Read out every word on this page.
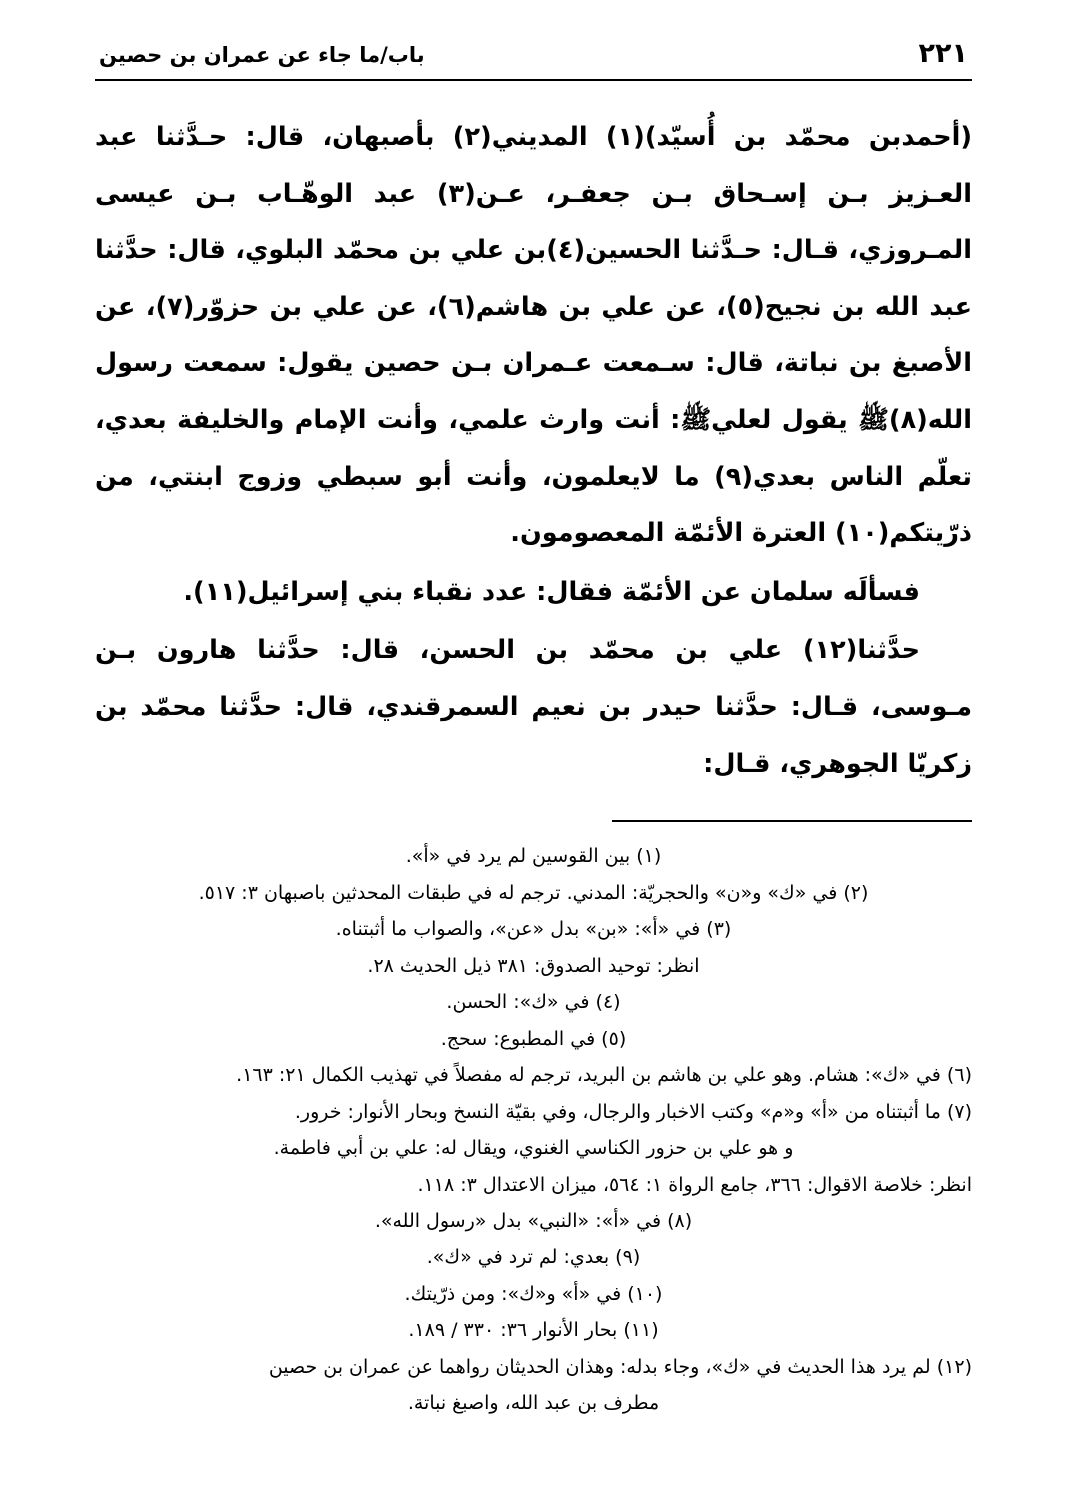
باب/ما جاء عن عمران بن حصين	٢٢١

(أحمدبن محمّد بن أُسيّد)(١) المديني(٢) بأصبهان، قال: حـدَّثنا عبد العـزيز بـن إسـحاق بـن جعفـر، عـن(٣) عبد الوهّـاب بـن عيسى المـروزي، قـال: حـدَّثنا الحسين(٤)بن علي بن محمّد البلوي، قال: حدَّثنا عبد الله بن نجيح(٥)، عن علي بن هاشم(٦)، عن علي بن حزوّر(٧)، عن الأصبغ بن نباتة، قال: سـمعت عـمران بـن حصين يقول: سمعت رسول الله(٨)ﷺ يقول لعليﷺ: أنت وارث علمي، وأنت الإمام والخليفة بعدي، تعلّم الناس بعدي(٩) ما لايعلمون، وأنت أبو سبطي وزوج ابنتي، من ذرّيتكم(١٠) العترة الأئمّة المعصومون.

فسألَه سلمان عن الأئمّة فقال: عدد نقباء بني إسرائيل(١١).

حدَّثنا(١٢) علي بن محمّد بن الحسن، قال: حدَّثنا هارون بـن مـوسى، قـال: حدَّثنا حيدر بن نعيم السمرقندي، قال: حدَّثنا محمّد بن زكريّا الجوهري، قـال:

(١) بين القوسين لم يرد في «أ».

(٢) في «ك» و«ن» والحجريّة: المدني. ترجم له في طبقات المحدثين باصبهان ٣: ٥١٧.

(٣) في «أ»: «بن» بدل «عن»، والصواب ما أثبتناه.

انظر: توحيد الصدوق: ٣٨١ ذيل الحديث ٢٨.

(٤) في «ك»: الحسن.

(٥) في المطبوع: سحج.

(٦) في «ك»: هشام. وهو علي بن هاشم بن البريد، ترجم له مفصلاً في تهذيب الكمال ٢١: ١٦٣.

(٧) ما أثبتناه من «أ» و«م» وكتب الاخبار والرجال، وفي بقيّة النسخ وبحار الأنوار: خرور.

و هو علي بن حزور الكناسي الغنوي، ويقال له: علي بن أبي فاطمة.

انظر: خلاصة الاقوال: ٣٦٦، جامع الرواة ١: ٥٦٤، ميزان الاعتدال ٣: ١١٨.

(٨) في «أ»: «النبي» بدل «رسول الله».

(٩) بعدي: لم ترد في «ك».

(١٠) في «أ» و«ك»: ومن ذرّيتك.

(١١) بحار الأنوار ٣٦: ٣٣٠ / ١٨٩.

(١٢) لم يرد هذا الحديث في «ك»، وجاء بدله: وهذان الحديثان رواهما عن عمران بن حصين

مطرف بن عبد الله، واصبغ نباتة.
